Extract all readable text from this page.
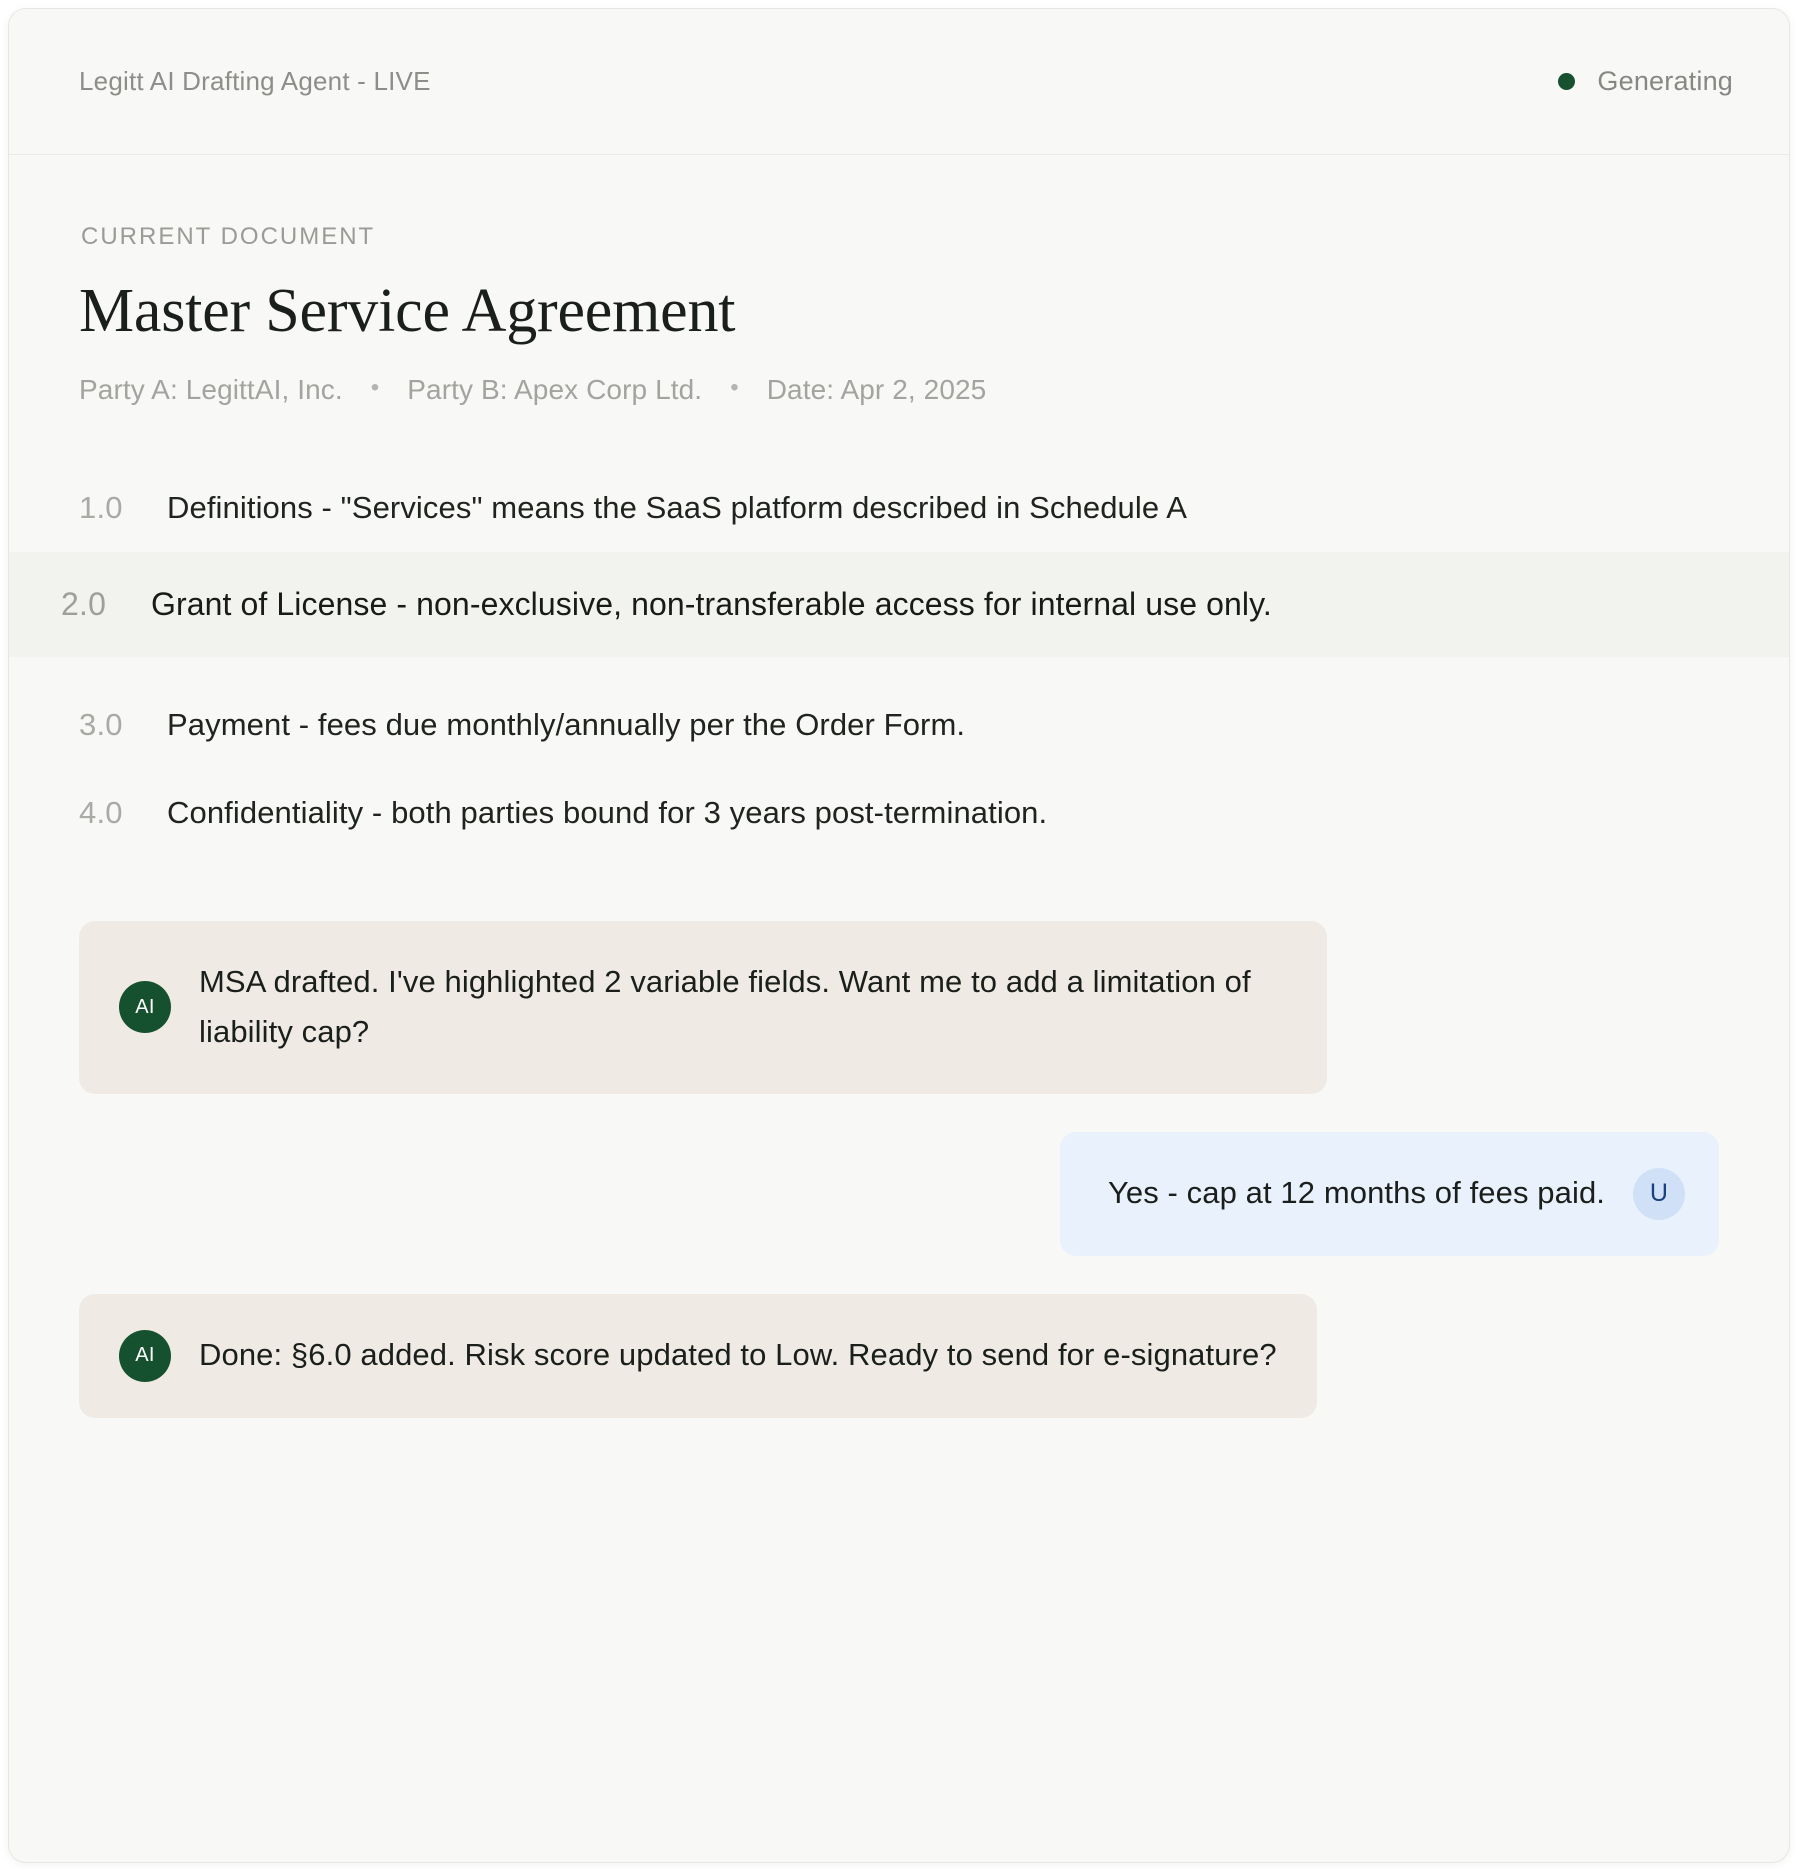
Legitt AI Drafting Agent - LIVE	Generating
CURRENT DOCUMENT
Master Service Agreement
Party A: LegittAI, Inc. • Party B: Apex Corp Ltd. • Date: Apr 2, 2025
1.0	Definitions - "Services" means the SaaS platform described in Schedule A
2.0	Grant of License - non-exclusive, non-transferable access for internal use only.
3.0	Payment - fees due monthly/annually per the Order Form.
4.0	Confidentiality - both parties bound for 3 years post-termination.
AI
MSA drafted. I've highlighted 2 variable fields. Want me to add a limitation of liability cap?
Yes - cap at 12 months of fees paid.	U
AI	Done: §6.0 added. Risk score updated to Low. Ready to send for e-signature?
